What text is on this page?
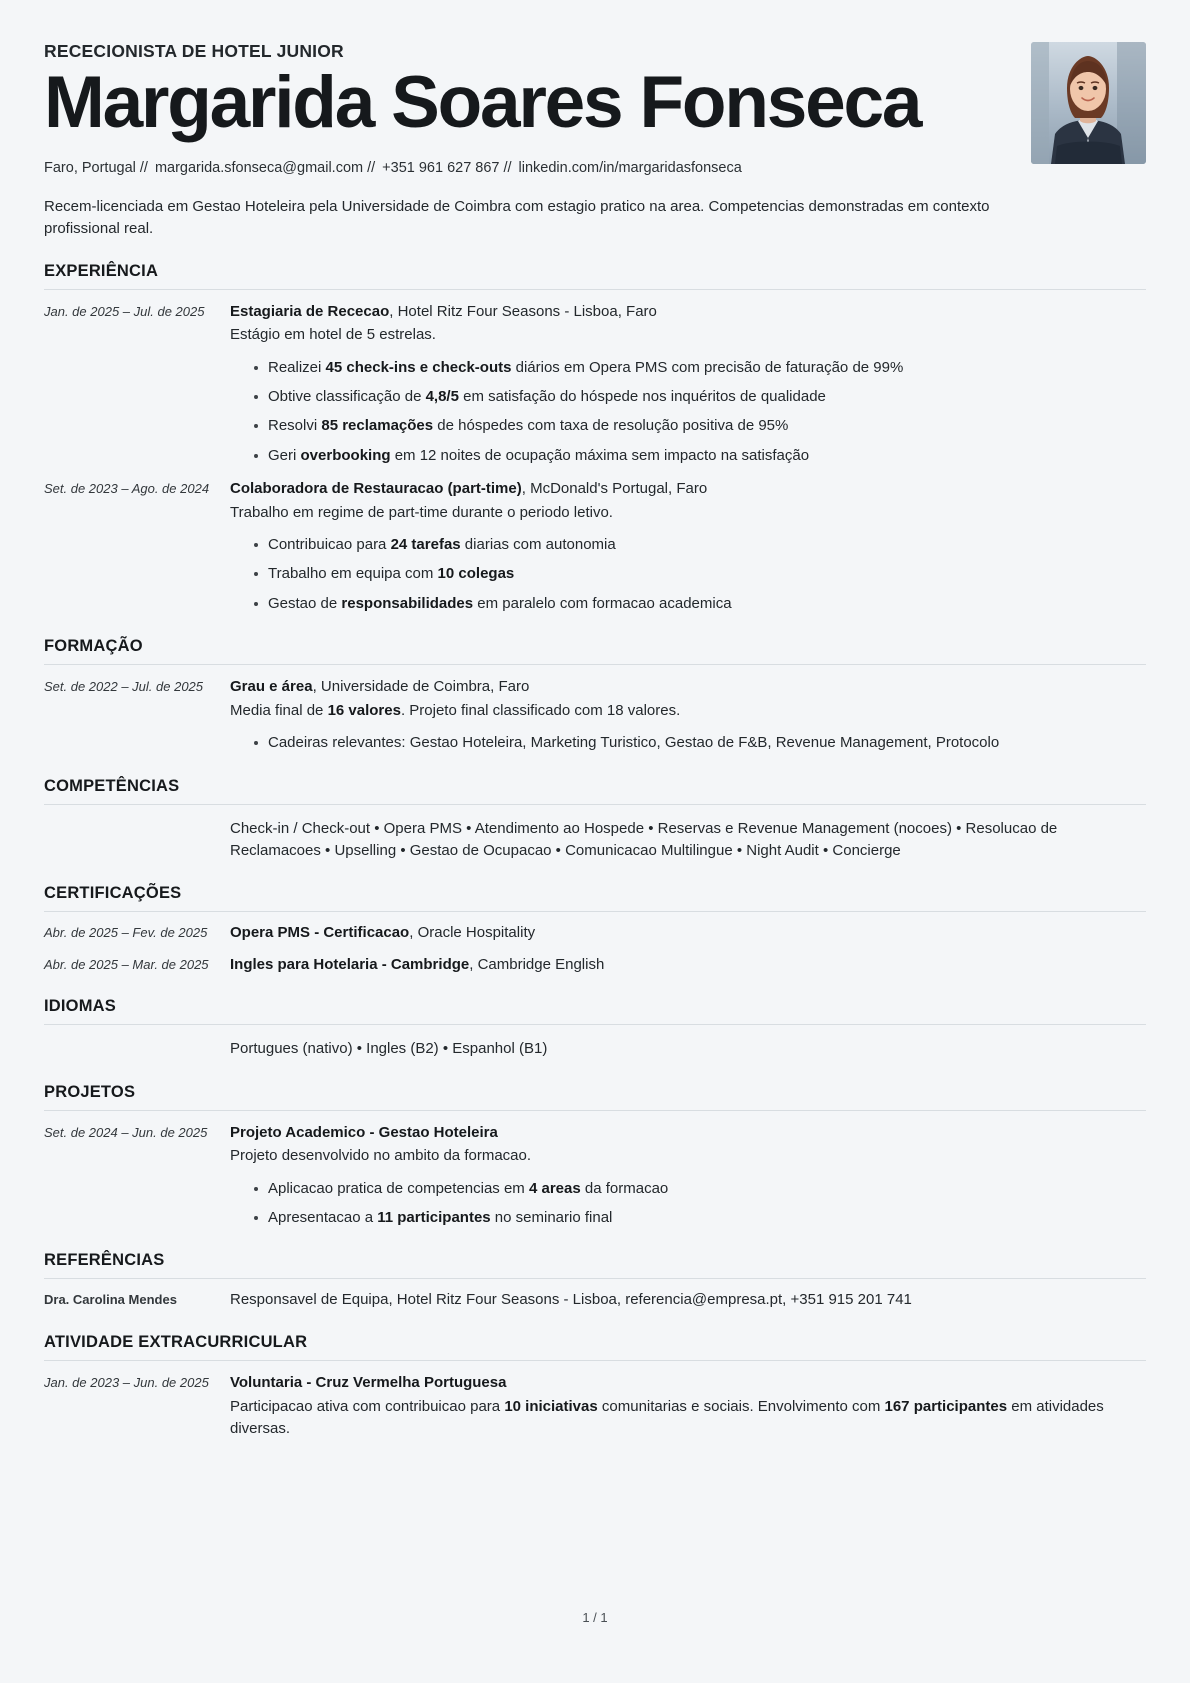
RECECIONISTA DE HOTEL JUNIOR
Margarida Soares Fonseca
Faro, Portugal // margarida.sfonseca@gmail.com // +351 961 627 867 // linkedin.com/in/margaridasfonseca
Recem-licenciada em Gestao Hoteleira pela Universidade de Coimbra com estagio pratico na area. Competencias demonstradas em contexto profissional real.
EXPERIÊNCIA
Jan. de 2025 – Jul. de 2025	Estagiaria de Rececao, Hotel Ritz Four Seasons - Lisboa, Faro
Estágio em hotel de 5 estrelas.
Realizei 45 check-ins e check-outs diários em Opera PMS com precisão de faturação de 99%
Obtive classificação de 4,8/5 em satisfação do hóspede nos inquéritos de qualidade
Resolvi 85 reclamações de hóspedes com taxa de resolução positiva de 95%
Geri overbooking em 12 noites de ocupação máxima sem impacto na satisfação
Set. de 2023 – Ago. de 2024	Colaboradora de Restauracao (part-time), McDonald's Portugal, Faro
Trabalho em regime de part-time durante o periodo letivo.
Contribuicao para 24 tarefas diarias com autonomia
Trabalho em equipa com 10 colegas
Gestao de responsabilidades em paralelo com formacao academica
FORMAÇÃO
Set. de 2022 – Jul. de 2025	Grau e área, Universidade de Coimbra, Faro
Media final de 16 valores. Projeto final classificado com 18 valores.
Cadeiras relevantes: Gestao Hoteleira, Marketing Turistico, Gestao de F&B, Revenue Management, Protocolo
COMPETÊNCIAS
Check-in / Check-out • Opera PMS • Atendimento ao Hospede • Reservas e Revenue Management (nocoes) • Resolucao de Reclamacoes • Upselling • Gestao de Ocupacao • Comunicacao Multilingue • Night Audit • Concierge
CERTIFICAÇÕES
Abr. de 2025 – Fev. de 2025	Opera PMS - Certificacao, Oracle Hospitality
Abr. de 2025 – Mar. de 2025	Ingles para Hotelaria - Cambridge, Cambridge English
IDIOMAS
Portugues (nativo) • Ingles (B2) • Espanhol (B1)
PROJETOS
Set. de 2024 – Jun. de 2025	Projeto Academico - Gestao Hoteleira
Projeto desenvolvido no ambito da formacao.
Aplicacao pratica de competencias em 4 areas da formacao
Apresentacao a 11 participantes no seminario final
REFERÊNCIAS
Dra. Carolina Mendes	Responsavel de Equipa, Hotel Ritz Four Seasons - Lisboa, referencia@empresa.pt, +351 915 201 741
ATIVIDADE EXTRACURRICULAR
Jan. de 2023 – Jun. de 2025	Voluntaria - Cruz Vermelha Portuguesa
Participacao ativa com contribuicao para 10 iniciativas comunitarias e sociais. Envolvimento com 167 participantes em atividades diversas.
1 / 1
